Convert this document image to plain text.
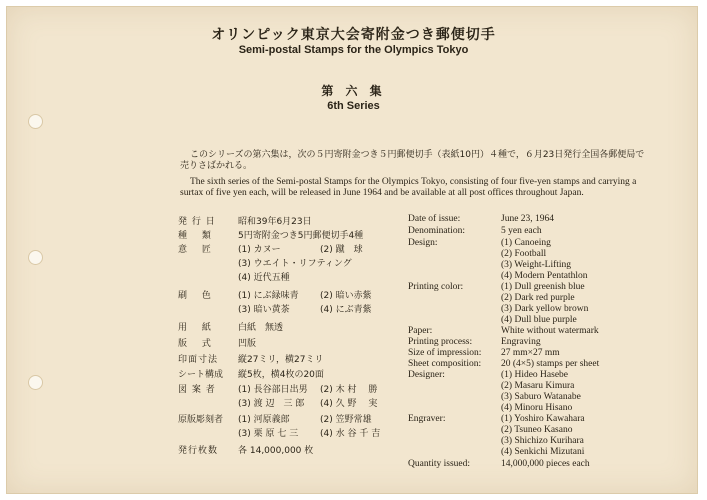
オリンピック東京大会寄附金つき郵便切手
Semi-postal Stamps for the Olympics Tokyo
第 六 集
6th Series
このシリーズの第六集は，次の５円寄附金つき５円郵便切手（表紙10円）４種で，６月23日発行全国各郵便局で売りさばかれる。
The sixth series of the Semi-postal Stamps for the Olympics Tokyo, consisting of four five-yen stamps and carrying a surtax of five yen each, will be released in June 1964 and be available at all post offices throughout Japan.
発 行 日	昭和39年6月23日
種　 類	5円寄附金つき5円郵便切手4種
意　 匠	(1) カヌー	(2) 蹴　球
(3) ウエイト・リフティング
(4) 近代五種
刷　 色	(1) にぶ緑味青 (2) 暗い赤紫
(3) 暗い黄茶	(4) にぶ青紫
用　 紙	白紙　無透
版　 式	凹版
印面寸法	縦27ミリ，横27ミリ
シート構成	縦5枚，横4枚の20面
図 案 者	(1) 長谷部日出男 (2) 木 村　 勝
(3) 渡 辺　三 郎 (4) 久 野　 実
原版彫刻者	(1) 河原義郎	(2) 笠野常雄
(3) 栗 原 七 三 (4) 水 谷 千 吉
発行枚数	各 14,000,000 枚
Date of issue:	June 23, 1964
Denomination:	5 yen each
Design:	(1) Canoeing
(2) Football
(3) Weight-Lifting
(4) Modern Pentathlon
Printing color:	(1) Dull greenish blue
(2) Dark red purple
(3) Dark yellow brown
(4) Dull blue purple
Paper:	White without watermark
Printing process:	Engraving
Size of impression: 27 mm×27 mm
Sheet composition: 20 (4×5) stamps per sheet
Designer:	(1) Hideo Hasebe
(2) Masaru Kimura
(3) Saburo Watanabe
(4) Minoru Hisano
Engraver:	(1) Yoshiro Kawahara
(2) Tsuneo Kasano
(3) Shichizo Kurihara
(4) Senkichi Mizutani
Quantity issued:	14,000,000 pieces each
